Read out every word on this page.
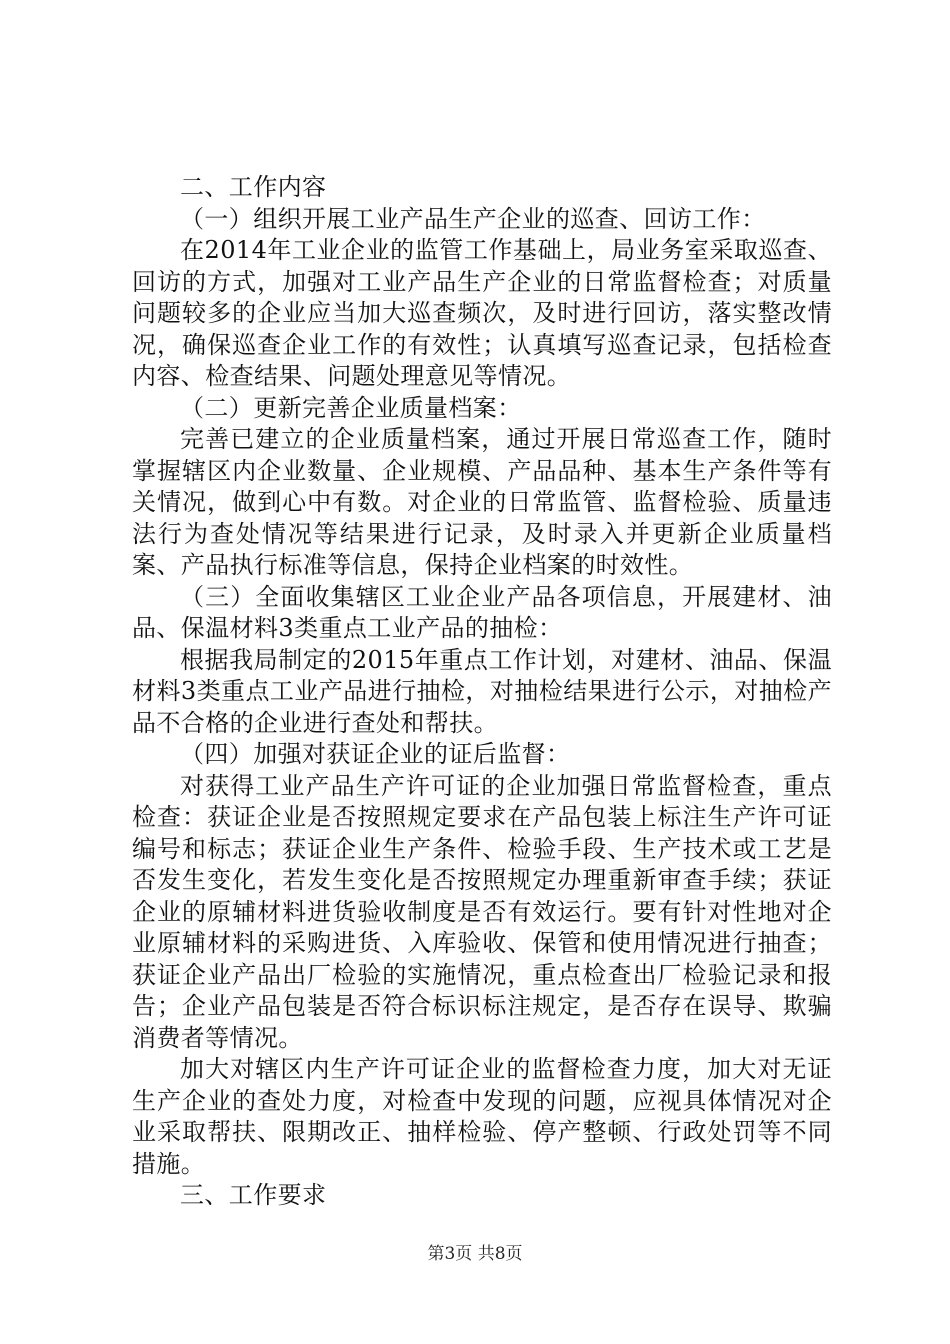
二、工作内容

（一）组织开展工业产品生产企业的巡查、回访工作：

在2014年工业企业的监管工作基础上，局业务室采取巡查、回访的方式，加强对工业产品生产企业的日常监督检查；对质量问题较多的企业应当加大巡查频次，及时进行回访，落实整改情况，确保巡查企业工作的有效性；认真填写巡查记录，包括检查内容、检查结果、问题处理意见等情况。

（二）更新完善企业质量档案：

完善已建立的企业质量档案，通过开展日常巡查工作，随时掌握辖区内企业数量、企业规模、产品品种、基本生产条件等有关情况，做到心中有数。对企业的日常监管、监督检验、质量违法行为查处情况等结果进行记录，及时录入并更新企业质量档案、产品执行标准等信息，保持企业档案的时效性。

（三）全面收集辖区工业企业产品各项信息，开展建材、油品、保温材料3类重点工业产品的抽检：

根据我局制定的2015年重点工作计划，对建材、油品、保温材料3类重点工业产品进行抽检，对抽检结果进行公示，对抽检产品不合格的企业进行查处和帮扶。

（四）加强对获证企业的证后监督：

对获得工业产品生产许可证的企业加强日常监督检查，重点检查：获证企业是否按照规定要求在产品包装上标注生产许可证编号和标志；获证企业生产条件、检验手段、生产技术或工艺是否发生变化，若发生变化是否按照规定办理重新审查手续；获证企业的原辅材料进货验收制度是否有效运行。要有针对性地对企业原辅材料的采购进货、入库验收、保管和使用情况进行抽查；获证企业产品出厂检验的实施情况，重点检查出厂检验记录和报告；企业产品包装是否符合标识标注规定，是否存在误导、欺骗消费者等情况。

加大对辖区内生产许可证企业的监督检查力度，加大对无证生产企业的查处力度，对检查中发现的问题，应视具体情况对企业采取帮扶、限期改正、抽样检验、停产整顿、行政处罚等不同措施。

三、工作要求

第3页 共8页
